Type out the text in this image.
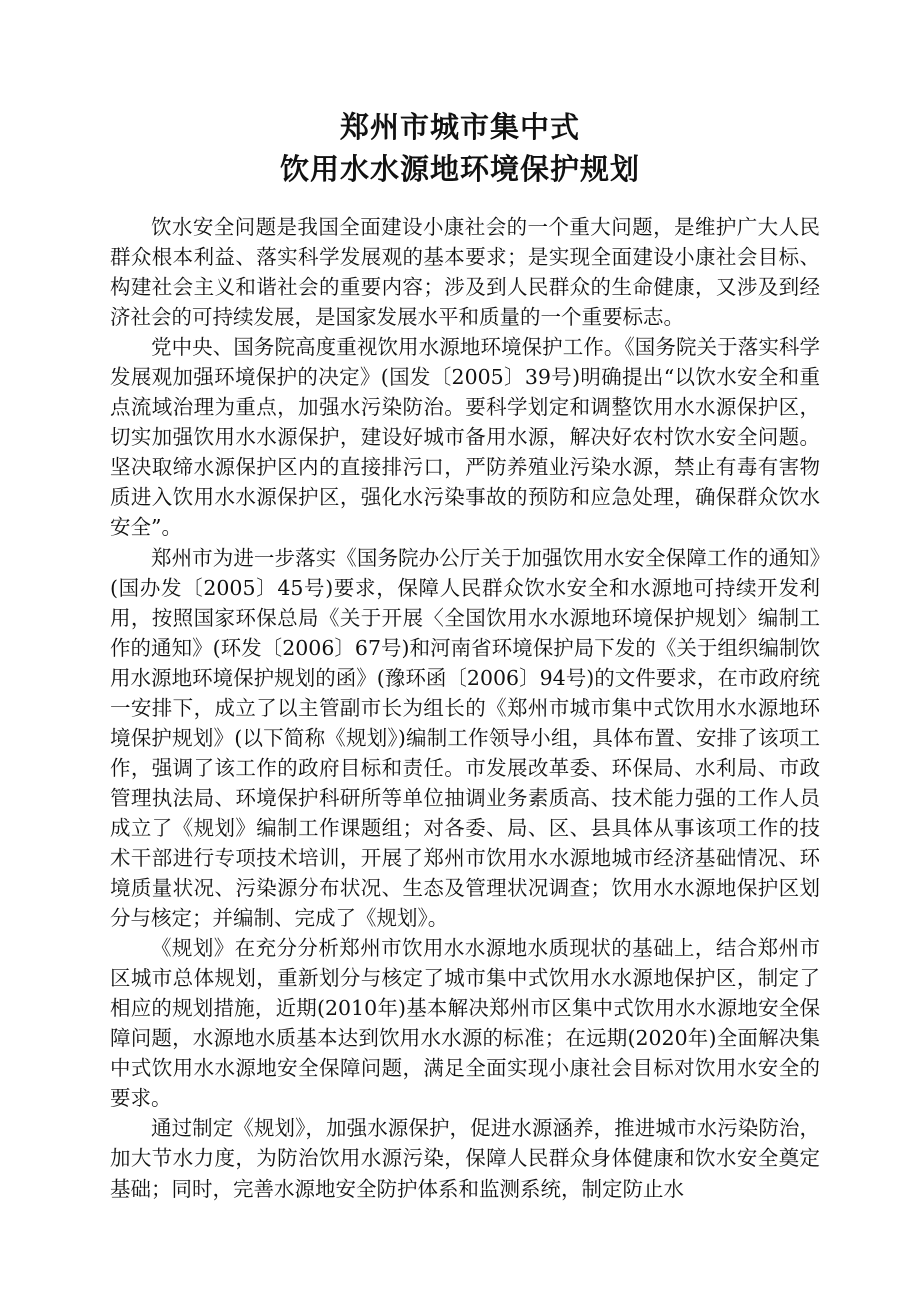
郑州市城市集中式
饮用水水源地环境保护规划

饮水安全问题是我国全面建设小康社会的一个重大问题，是维护广大人民群众根本利益、落实科学发展观的基本要求；是实现全面建设小康社会目标、构建社会主义和谐社会的重要内容；涉及到人民群众的生命健康，又涉及到经济社会的可持续发展，是国家发展水平和质量的一个重要标志。

党中央、国务院高度重视饮用水源地环境保护工作。《国务院关于落实科学发展观加强环境保护的决定》(国发〔2005〕39号)明确提出“以饮水安全和重点流域治理为重点，加强水污染防治。要科学划定和调整饮用水水源保护区，切实加强饮用水水源保护，建设好城市备用水源，解决好农村饮水安全问题。坚决取缔水源保护区内的直接排污口，严防养殖业污染水源，禁止有毒有害物质进入饮用水水源保护区，强化水污染事故的预防和应急处理，确保群众饮水安全”。

郑州市为进一步落实《国务院办公厅关于加强饮用水安全保障工作的通知》(国办发〔2005〕45号)要求，保障人民群众饮水安全和水源地可持续开发利用，按照国家环保总局《关于开展〈全国饮用水水源地环境保护规划〉编制工作的通知》(环发〔2006〕67号)和河南省环境保护局下发的《关于组织编制饮用水源地环境保护规划的函》(豫环函〔2006〕94号)的文件要求，在市政府统一安排下，成立了以主管副市长为组长的《郑州市城市集中式饮用水水源地环境保护规划》(以下简称《规划》)编制工作领导小组，具体布置、安排了该项工作，强调了该工作的政府目标和责任。市发展改革委、环保局、水利局、市政管理执法局、环境保护科研所等单位抽调业务素质高、技术能力强的工作人员成立了《规划》编制工作课题组；对各委、局、区、县具体从事该项工作的技术干部进行专项技术培训，开展了郑州市饮用水水源地城市经济基础情况、环境质量状况、污染源分布状况、生态及管理状况调查；饮用水水源地保护区划分与核定；并编制、完成了《规划》。

《规划》在充分分析郑州市饮用水水源地水质现状的基础上，结合郑州市区城市总体规划，重新划分与核定了城市集中式饮用水水源地保护区，制定了相应的规划措施，近期(2010年)基本解决郑州市区集中式饮用水水源地安全保障问题，水源地水质基本达到饮用水水源的标准；在远期(2020年)全面解决集中式饮用水水源地安全保障问题，满足全面实现小康社会目标对饮用水安全的要求。

通过制定《规划》，加强水源保护，促进水源涵养，推进城市水污染防治，加大节水力度，为防治饮用水源污染，保障人民群众身体健康和饮水安全奠定基础；同时，完善水源地安全防护体系和监测系统，制定防止水
